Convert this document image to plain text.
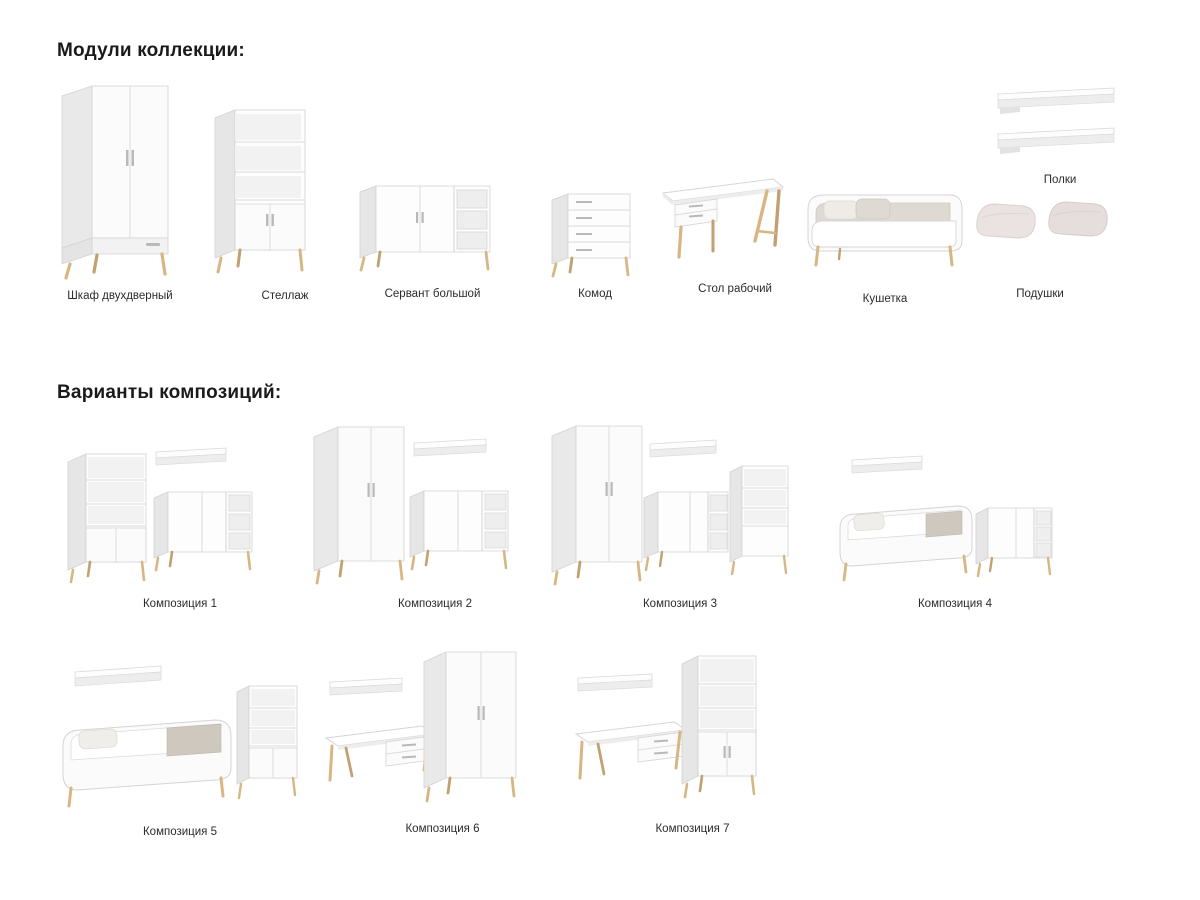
Модули коллекции:
Шкаф двухдверный	Стеллаж	Сервант большой	Комод	Стол рабочий
Кушетка
Полки
Подушки
Варианты композиций:
Композиция 1	Композиция 2	Композиция 3	Композиция 4
Композиция 5	Композиция 6	Композиция 7
